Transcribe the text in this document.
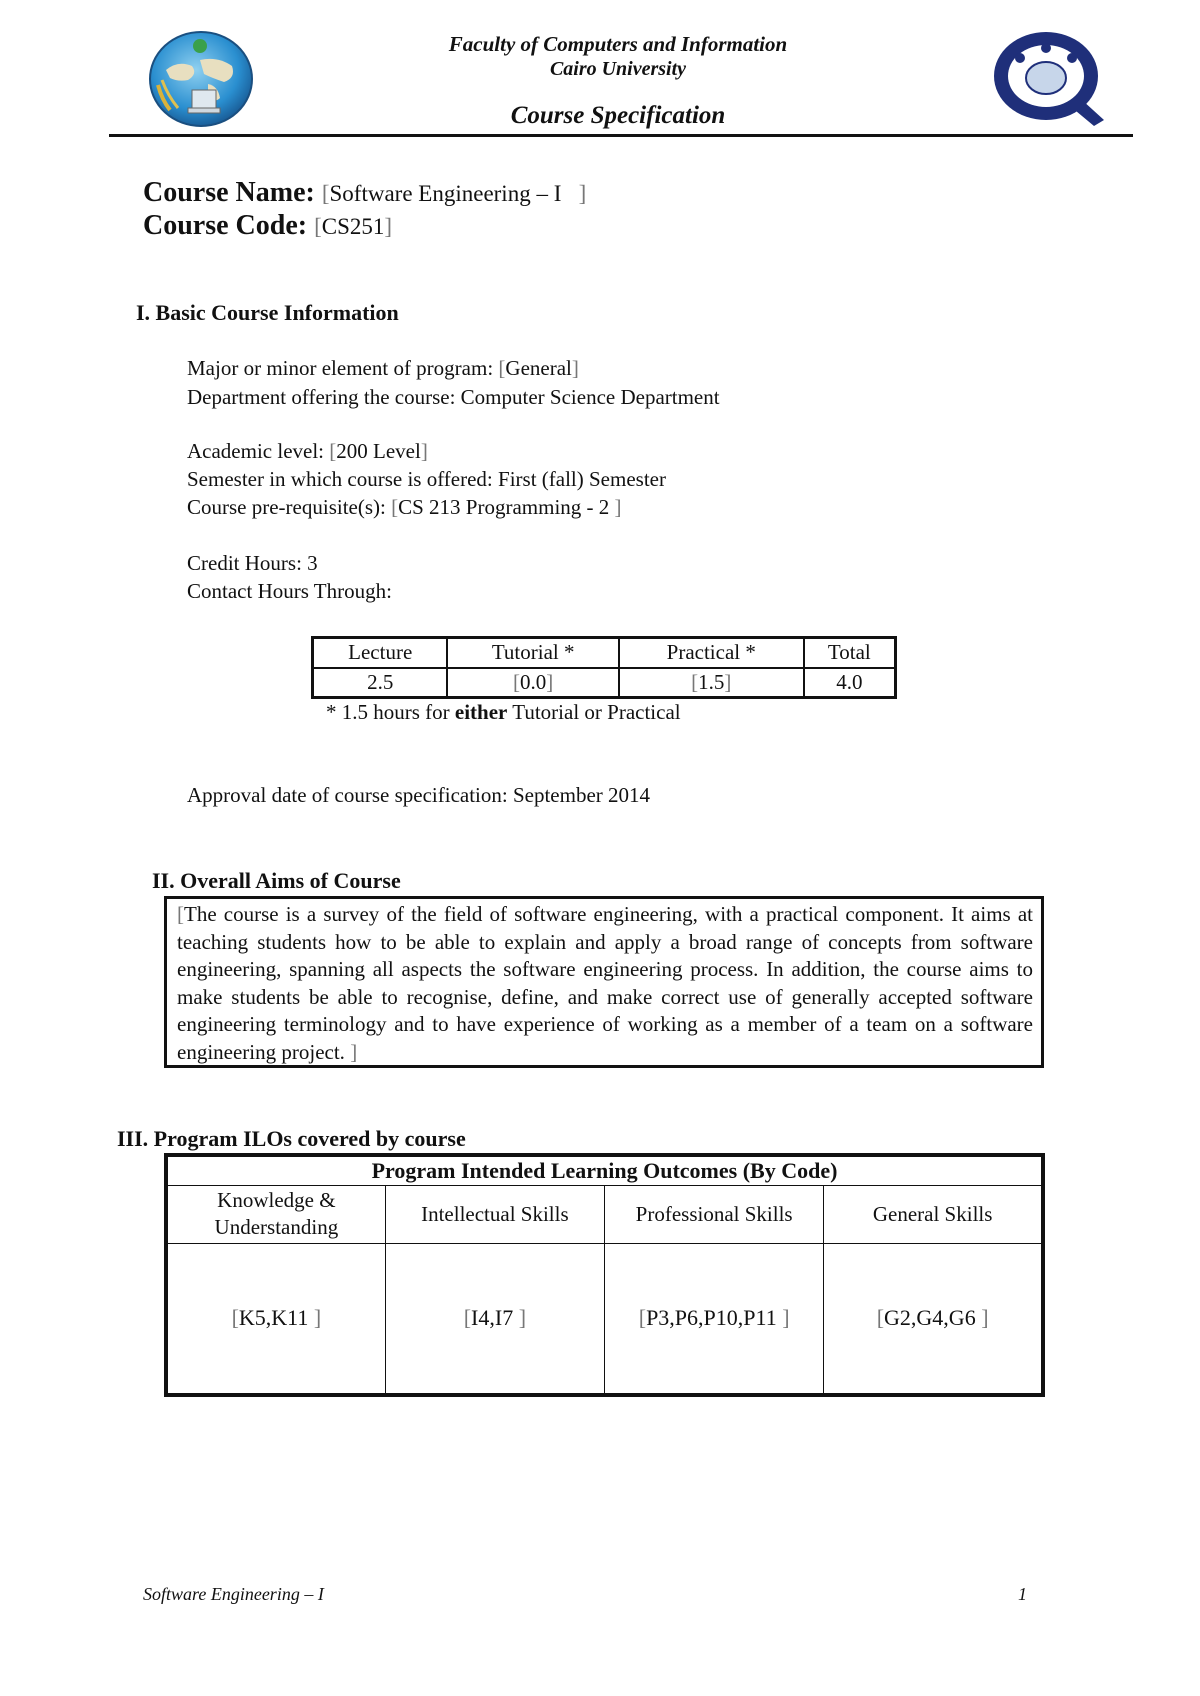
Faculty of Computers and Information
Cairo University
Course Specification
Course Name: [Software Engineering – I ]
Course Code: [CS251]
I. Basic Course Information
Major or minor element of program: [General]
Department offering the course: Computer Science Department
Academic level: [200 Level]
Semester in which course is offered: First (fall) Semester
Course pre-requisite(s): [CS 213 Programming - 2 ]
Credit Hours: 3
Contact Hours Through:
Lecture	Tutorial *	Practical *	Total
2.5	[0.0]	[1.5]	4.0
* 1.5 hours for either Tutorial or Practical
Approval date of course specification: September 2014
II. Overall Aims of Course
[The course is a survey of the field of software engineering, with a practical component. It aims at teaching students how to be able to explain and apply a broad range of concepts from software engineering, spanning all aspects the software engineering process. In addition, the course aims to make students be able to recognise, define, and make correct use of generally accepted software engineering terminology and to have experience of working as a member of a team on a software engineering project. ]
III. Program ILOs covered by course
Program Intended Learning Outcomes (By Code)			
Knowledge & Understanding	Intellectual Skills	Professional Skills	General Skills
[K5,K11 ]	[I4,I7 ]	[P3,P6,P10,P11 ]	[G2,G4,G6 ]
Software Engineering – I	1
